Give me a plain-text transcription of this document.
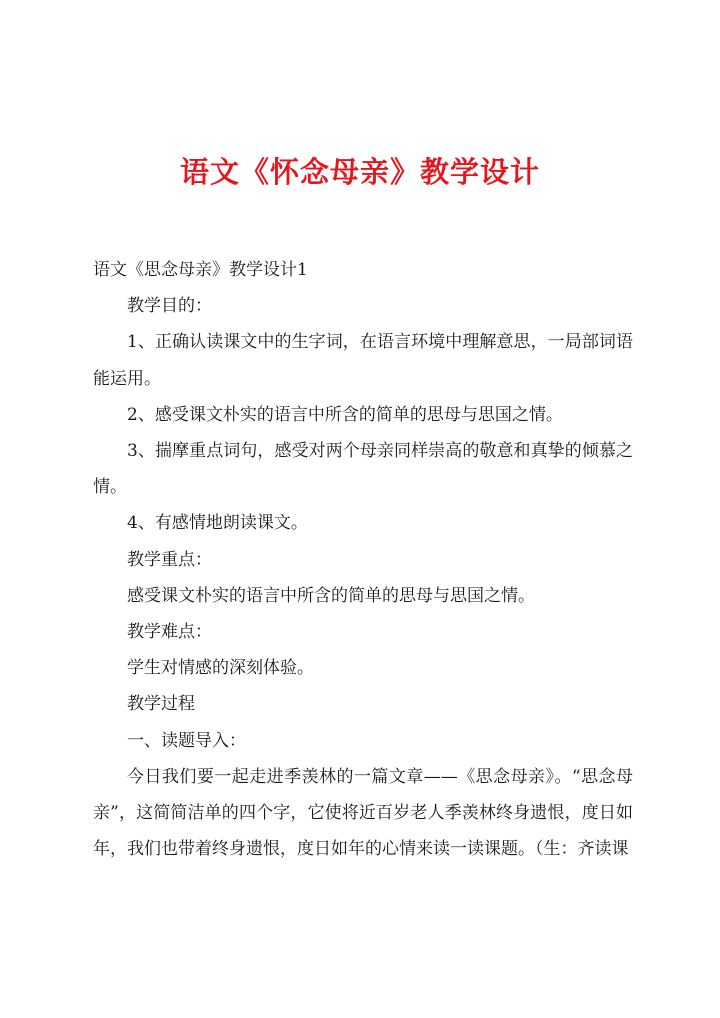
语文《怀念母亲》教学设计

语文《思念母亲》教学设计1

教学目的：

1、正确认读课文中的生字词，在语言环境中理解意思，一局部词语能运用。

2、感受课文朴实的语言中所含的简单的思母与思国之情。

3、揣摩重点词句，感受对两个母亲同样崇高的敬意和真挚的倾慕之情。

4、有感情地朗读课文。

教学重点：

感受课文朴实的语言中所含的简单的思母与思国之情。

教学难点：

学生对情感的深刻体验。

教学过程

一、读题导入：

今日我们要一起走进季羡林的一篇文章——《思念母亲》。“思念母亲”，这简简洁单的四个字，它使将近百岁老人季羡林终身遗恨，度日如年，我们也带着终身遗恨，度日如年的心情来读一读课题。（生：齐读课
